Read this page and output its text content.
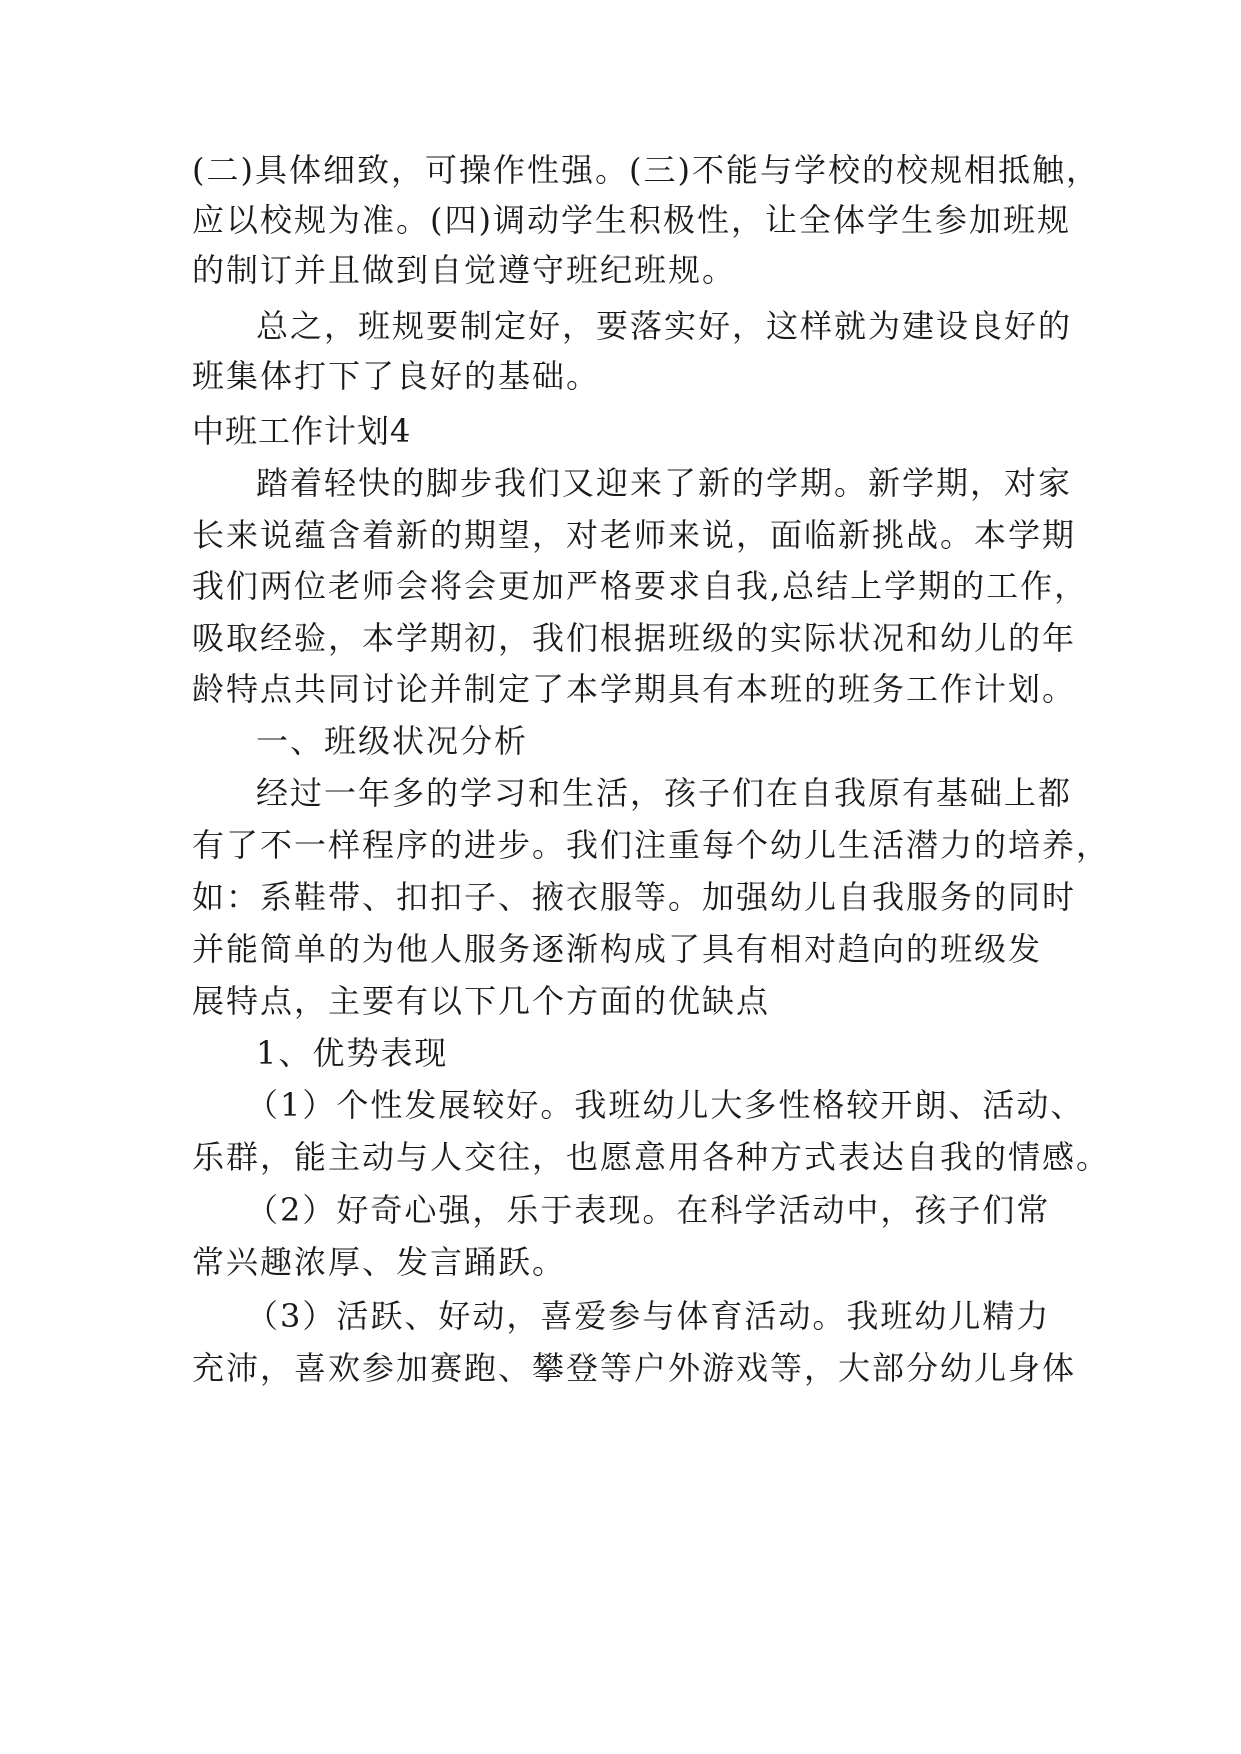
(二)具体细致，可操作性强。(三)不能与学校的校规相抵触，
应以校规为准。(四)调动学生积极性，让全体学生参加班规
的制订并且做到自觉遵守班纪班规。
总之，班规要制定好，要落实好，这样就为建设良好的
班集体打下了良好的基础。
中班工作计划4
踏着轻快的脚步我们又迎来了新的学期。新学期，对家
长来说蕴含着新的期望，对老师来说，面临新挑战。本学期
我们两位老师会将会更加严格要求自我,总结上学期的工作，
吸取经验，本学期初，我们根据班级的实际状况和幼儿的年
龄特点共同讨论并制定了本学期具有本班的班务工作计划。
一、班级状况分析
经过一年多的学习和生活，孩子们在自我原有基础上都
有了不一样程序的进步。我们注重每个幼儿生活潜力的培养，
如：系鞋带、扣扣子、掖衣服等。加强幼儿自我服务的同时
并能简单的为他人服务逐渐构成了具有相对趋向的班级发
展特点，主要有以下几个方面的优缺点
1、优势表现
（1）个性发展较好。我班幼儿大多性格较开朗、活动、
乐群，能主动与人交往，也愿意用各种方式表达自我的情感。
（2）好奇心强，乐于表现。在科学活动中，孩子们常
常兴趣浓厚、发言踊跃。
（3）活跃、好动，喜爱参与体育活动。我班幼儿精力
充沛，喜欢参加赛跑、攀登等户外游戏等，大部分幼儿身体
